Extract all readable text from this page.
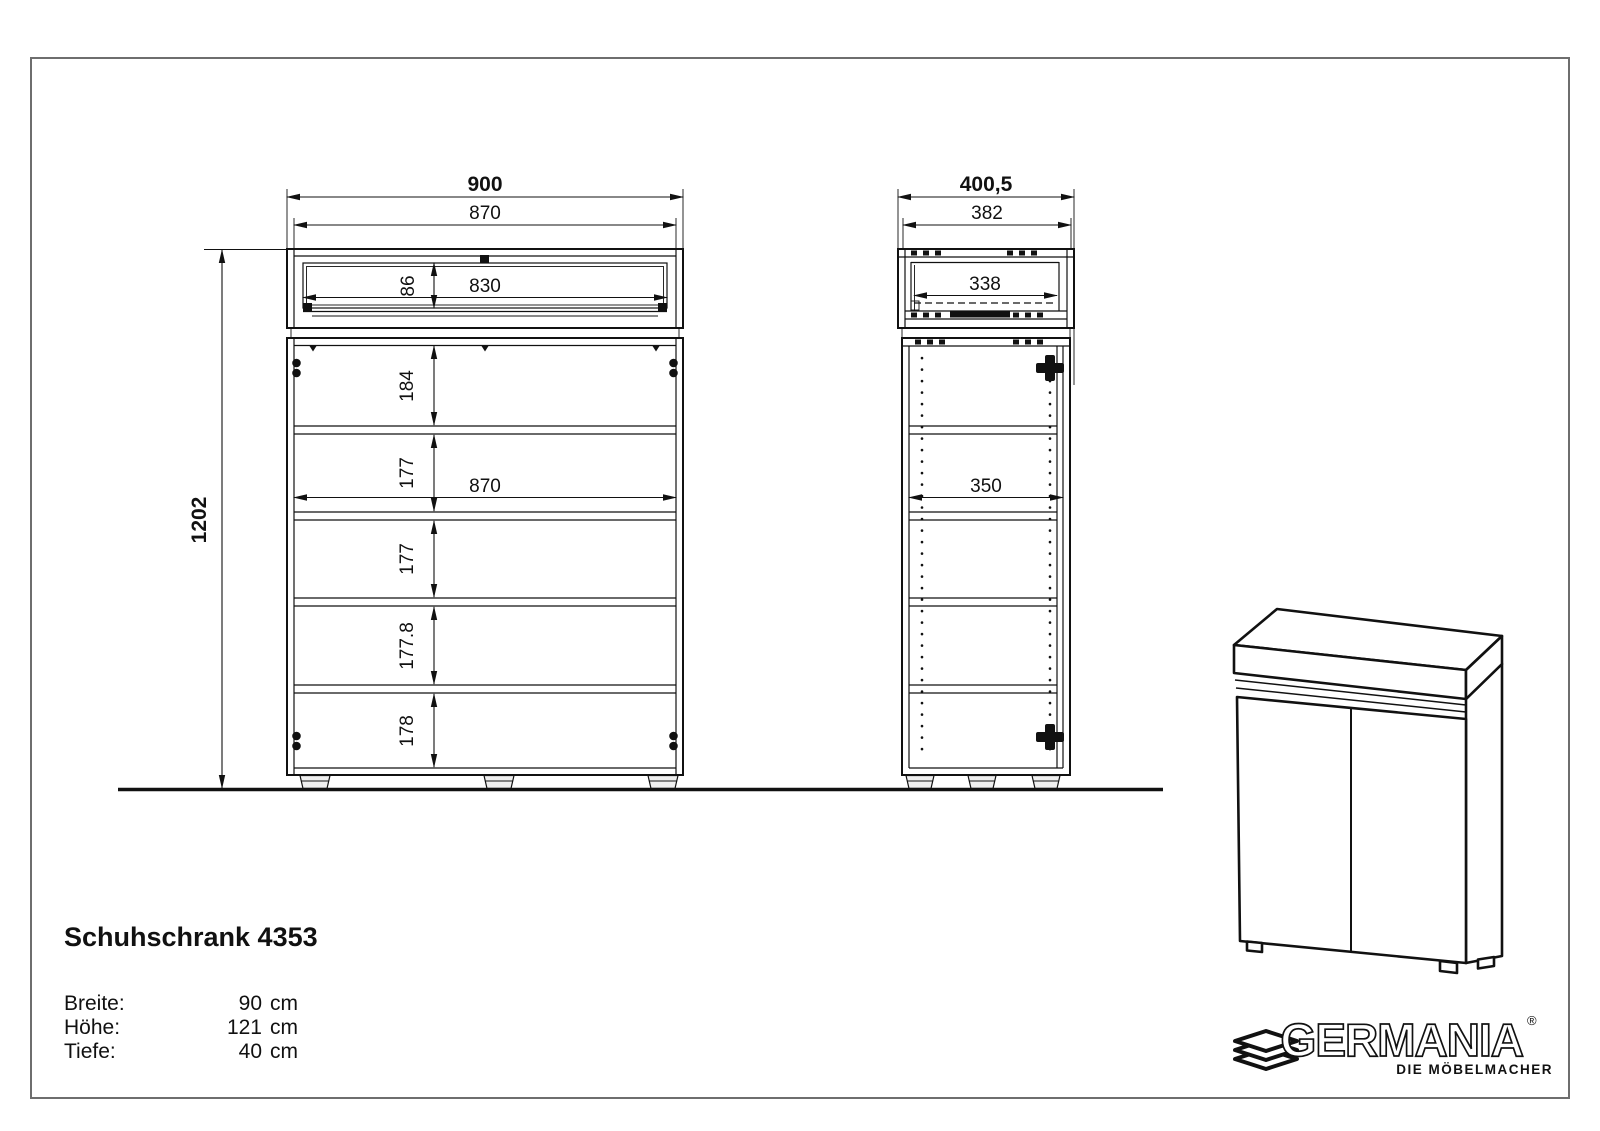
900
870
830
86
870
184
177
177
177.8
178
1202
400,5
382
338
350
Schuhschrank 4353
Breite:	90 cm
Höhe:	121 cm
Tiefe:	40 cm	GERMANIA ®
DIE MÖBELMACHER
